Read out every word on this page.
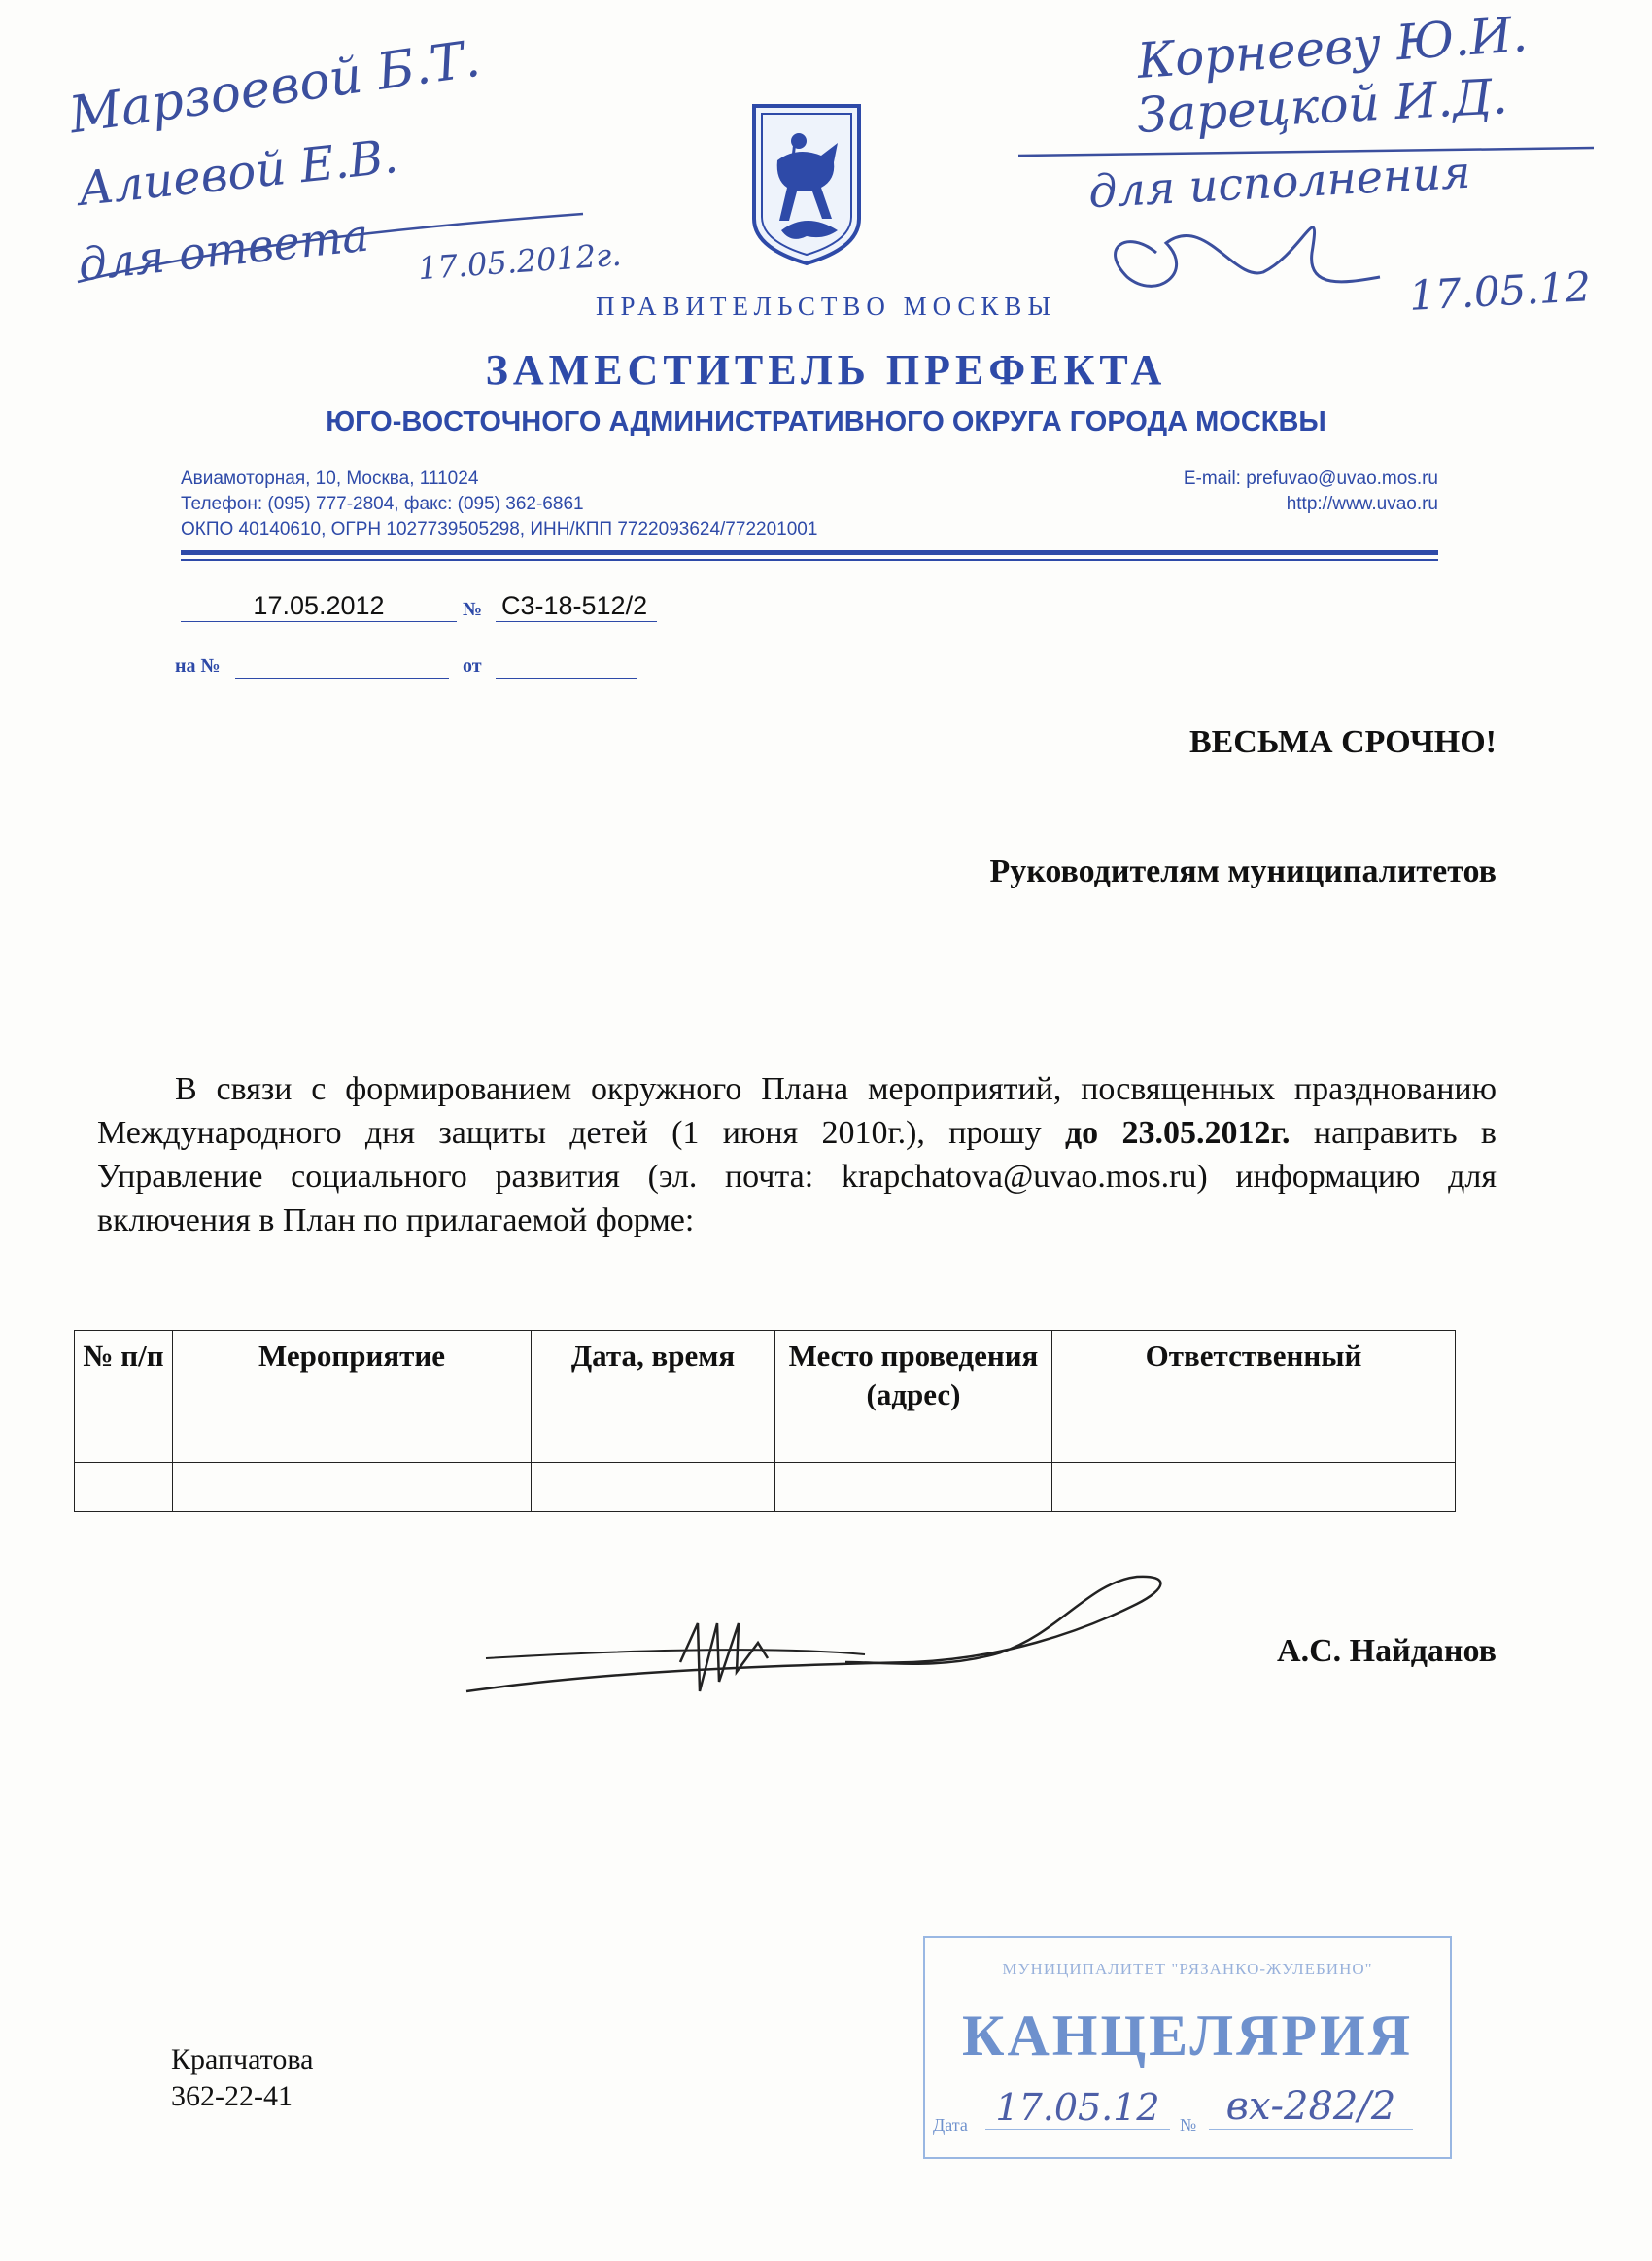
Марзоевой Б.Т.
Алиевой Е.В.
для ответа 17.05.2012г.
Корнееву Ю.И.
Зарецкой И.Д.
для исполнения
17.05.12
ПРАВИТЕЛЬСТВО МОСКВЫ
ЗАМЕСТИТЕЛЬ ПРЕФЕКТА
ЮГО-ВОСТОЧНОГО АДМИНИСТРАТИВНОГО ОКРУГА ГОРОДА МОСКВЫ
Авиамоторная, 10, Москва, 111024
Телефон: (095) 777-2804, факс: (095) 362-6861
ОКПО 40140610, ОГРН 1027739505298, ИНН/КПП 7722093624/772201001
E-mail: prefuvao@uvao.mos.ru
http://www.uvao.ru
17.05.2012	№ С3-18-512/2
на №	от
ВЕСЬМА СРОЧНО!
Руководителям муниципалитетов
В связи с формированием окружного Плана мероприятий, посвященных празднованию Международного дня защиты детей (1 июня 2010г.), прошу до 23.05.2012г. направить в Управление социального развития (эл. почта: krapchatova@uvao.mos.ru) информацию для включения в План по прилагаемой форме:
№ п/п	Мероприятие	Дата, время	Место проведения (адрес)	Ответственный

А.С. Найданов
Крапчатова
362-22-41
МУНИЦИПАЛИТЕТ "РЯЗАНКО-ЖУЛЕБИНО"
КАНЦЕЛЯРИЯ
Дата 17.05.12	№ вх-282/2
